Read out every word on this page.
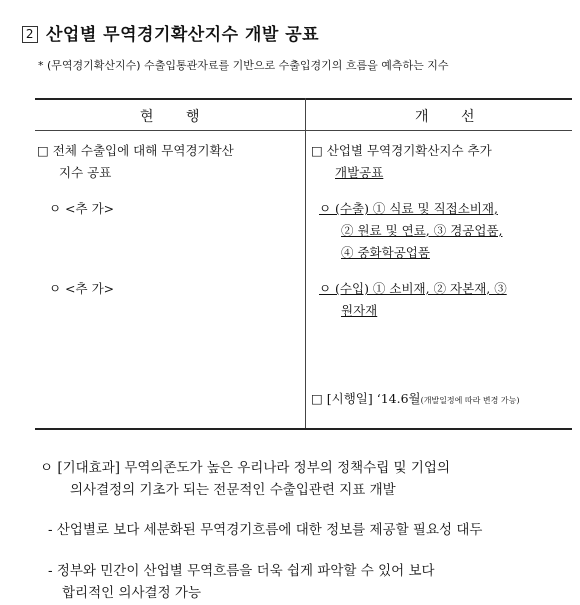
2 산업별 무역경기확산지수 개발 공표
* (무역경기확산지수) 수출입통관자료를 기반으로 수출입경기의 흐름을 예측하는 지수
현 행	개 선
□ 전체 수출입에 대해 무역경기확산
지수 공표
ㅇ <추 가>
ㅇ <추 가>
□ 산업별 무역경기확산지수 추가
개발공표
ㅇ (수출) ① 식료 및 직접소비재,
② 원료 및 연료, ③ 경공업품,
④ 중화학공업품
ㅇ (수입) ① 소비재, ② 자본재, ③
원자재
□ [시행일] ‘14.6월(개발일정에 따라 변경 가능)
ㅇ [기대효과] 무역의존도가 높은 우리나라 정부의 정책수립 및 기업의
의사결정의 기초가 되는 전문적인 수출입관련 지표 개발
- 산업별로 보다 세분화된 무역경기흐름에 대한 정보를 제공할 필요성 대두
- 정부와 민간이 산업별 무역흐름을 더욱 쉽게 파악할 수 있어 보다
합리적인 의사결정 가능
